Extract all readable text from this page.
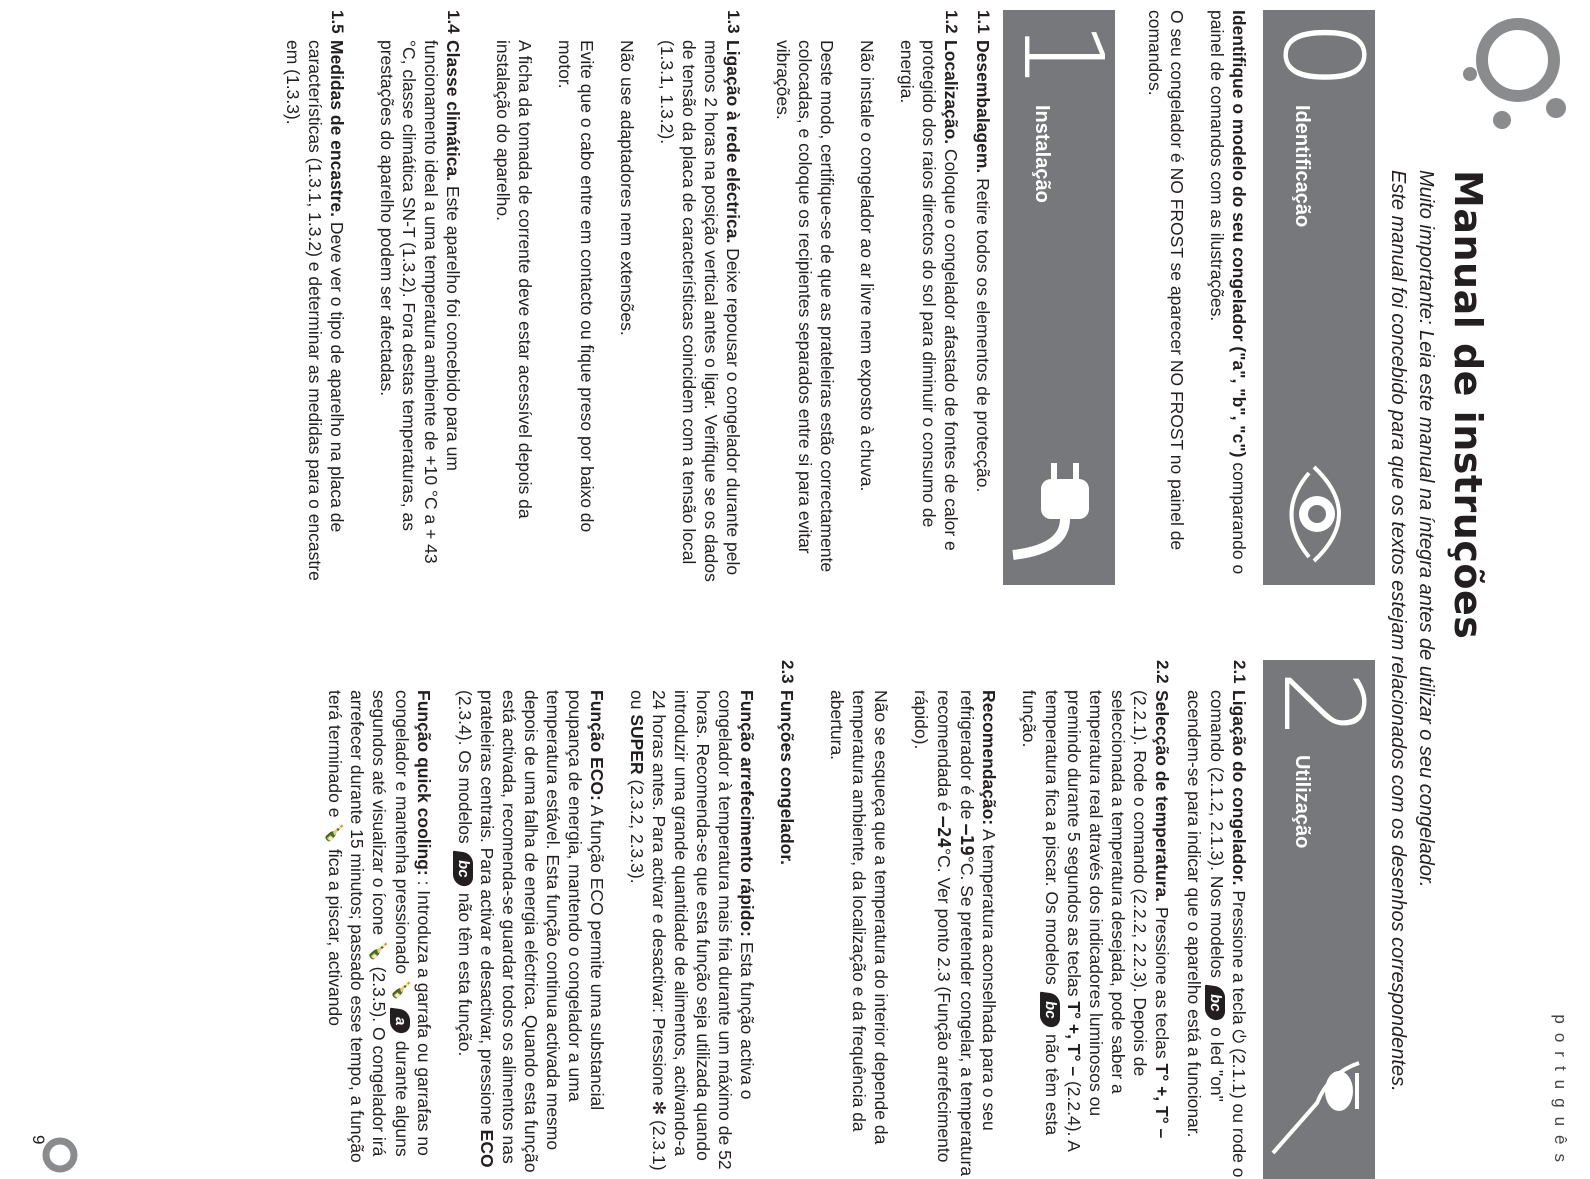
português
Manual de instruções
Muito importante: Leia este manual na íntegra antes de utilizar o seu congelador.
Este manual foi concebido para que os textos estejam relacionados com os desenhos correspondentes.
0
Identificação
1
Instalação
2
Utilização

Identifique o modelo do seu congelador ("a", "b", "c") comparando o painel de comandos com as ilustrações.

O seu congelador é NO FROST se aparecer NO FROST no painel de comandos.

1.1
Desembalagem. Retire todos os elementos de protecção.
1.2

Localização. Coloque o congelador afastado de fontes de calor e protegido dos raios directos do sol para diminuir o consumo de energia.

Não instale o congelador ao ar livre nem exposto à chuva.

Deste modo, certifique-se de que as prateleiras estão correctamente colocadas, e coloque os recipientes separados entre si para evitar vibrações.

1.3

Ligação à rede eléctrica. Deixe repousar o congelador durante pelo menos 2 horas na posição vertical antes o ligar. Verifique se os dados de tensão da placa de características coincidem com a tensão local (1.3.1, 1.3.2).

Não use adaptadores nem extensões.

Evite que o cabo entre em contacto ou fique preso por baixo do motor.

A ficha da tomada de corrente deve estar acessível depois da instalação do aparelho.

1.4

Classe climática. Este aparelho foi concebido para um funcionamento ideal a uma temperatura ambiente de +10 °C a + 43 °C, classe climática SN-T (1.3.2). Fora destas temperaturas, as prestações do aparelho podem ser afectadas.

1.5
Medidas de encastre. Deve ver o tipo de aparelho na placa de características (1.3.1, 1.3.2) e determinar as medidas para o encastre em (1.3.3).
2.1
Ligação do congelador. Pressione a tecla ⏻ (2.1.1) ou rode o comando (2.1.2, 2.1.3). Nos modelos bc o led "on" acendem-se para indicar que o aparelho está a funcionar.
2.2

Selecção de temperatura. Pressione as teclas T° +, T° – (2.2.1). Rode o comando (2.2.2, 2.2.3). Depois de seleccionada a temperatura desejada, pode saber a temperatura real através dos indicadores luminosos ou premindo durante 5 segundos as teclas T° +, T° – (2.2.4). A temperatura fica a piscar. Os modelos bc não têm esta função.

Recomendação: A temperatura aconselhada para o seu refrigerador é de –19°C. Se pretender congelar, a temperatura recomendada é –24°C. Ver ponto 2.3 (Função arrefecimento rápido).

Não se esqueça que a temperatura do interior depende da temperatura ambiente, da localização e da frequência da abertura.

2.3

Funções congelador.

Função arrefecimento rápido: Esta função activa o congelador à temperatura mais fria durante um máximo de 52 horas. Recomenda-se que esta função seja utilizada quando introduzir uma grande quantidade de alimentos, activando-a 24 horas antes. Para activar e desactivar: Pressione ✻ (2.3.1) ou SUPER (2.3.2, 2.3.3).

Função ECO: A função ECO permite uma substancial poupança de energia, mantendo o congelador a uma temperatura estável. Esta função continua activada mesmo depois de uma falha de energia eléctrica. Quando esta função está activada, recomenda-se guardar todos os alimentos nas prateleiras centrais. Para activar e desactivar, pressione ECO (2.3.4). Os modelos bc não têm esta função.

Função quick cooling: : Introduza a garrafa ou garrafas no congelador e mantenha pressionado 🍾 a durante alguns segundos até visualizar o ícone 🍾 (2.3.5). O congelador irá arrefecer durante 15 minutos; passado esse tempo, a função terá terminado e 🍾 fica a piscar, activando

9
